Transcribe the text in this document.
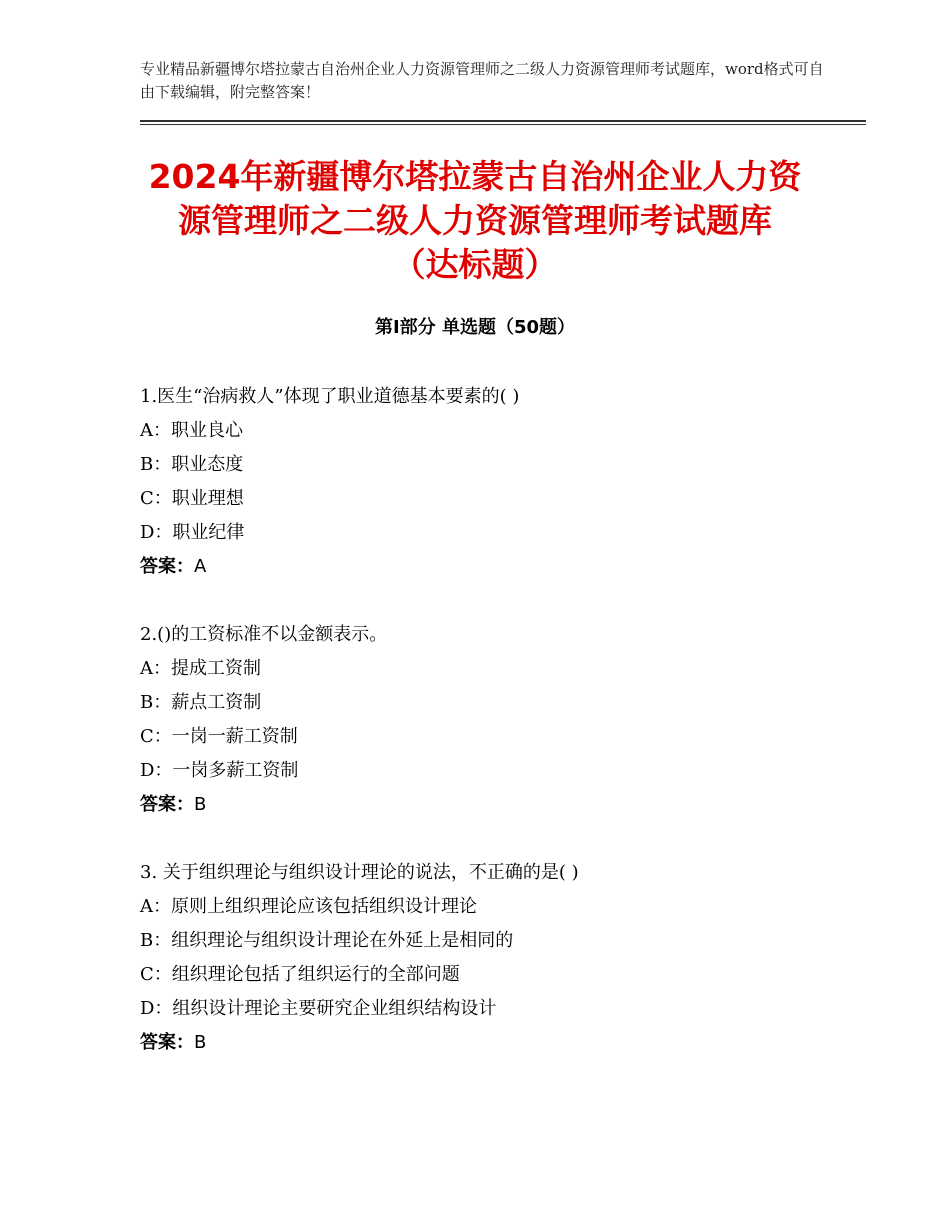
专业精品新疆博尔塔拉蒙古自治州企业人力资源管理师之二级人力资源管理师考试题库，word格式可自由下载编辑，附完整答案！
2024年新疆博尔塔拉蒙古自治州企业人力资
源管理师之二级人力资源管理师考试题库
（达标题）
第Ⅰ部分 单选题（50题）
1.医生“治病救人”体现了职业道德基本要素的( )
A：职业良心
B：职业态度
C：职业理想
D：职业纪律
答案：A
2.()的工资标准不以金额表示。
A：提成工资制
B：薪点工资制
C：一岗一薪工资制
D：一岗多薪工资制
答案：B
3. 关于组织理论与组织设计理论的说法，不正确的是( )
A：原则上组织理论应该包括组织设计理论
B：组织理论与组织设计理论在外延上是相同的
C：组织理论包括了组织运行的全部问题
D：组织设计理论主要研究企业组织结构设计
答案：B
